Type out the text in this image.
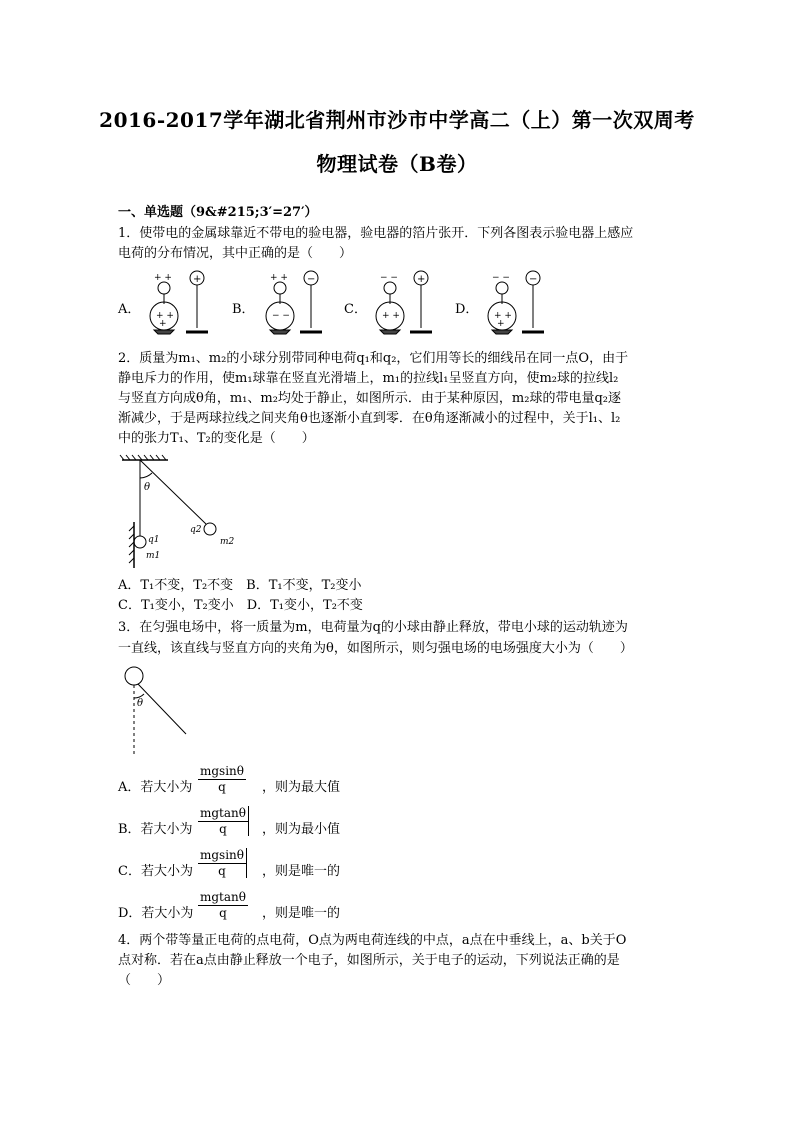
2016-2017学年湖北省荆州市沙市中学高二（上）第一次双周考
物理试卷（B卷）
一、单选题（9&#215;3′=27′）
1．使带电的金属球靠近不带电的验电器，验电器的箔片张开．下列各图表示验电器上感应
电荷的分布情况，其中正确的是（　　）
A．	B．	C．	D．
+
+ +
+ +
+
−
+ +
− −
+
− −
+ +
−
− −
+ +
+
2．质量为m₁、m₂的小球分别带同种电荷q₁和q₂，它们用等长的细线吊在同一点O，由于
静电斥力的作用，使m₁球靠在竖直光滑墙上，m₁的拉线l₁呈竖直方向，使m₂球的拉线l₂
与竖直方向成θ角，m₁、m₂均处于静止，如图所示．由于某种原因，m₂球的带电量q₂逐
渐减少，于是两球拉线之间夹角θ也逐渐小直到零．在θ角逐渐减小的过程中，关于l₁、l₂
中的张力T₁、T₂的变化是（　　）
θ
q1
m1
q2
m2
A．T₁不变，T₂不变　B．T₁不变，T₂变小
C．T₁变小，T₂变小　D．T₁变小，T₂不变
3．在匀强电场中，将一质量为m，电荷量为q的小球由静止释放，带电小球的运动轨迹为
一直线，该直线与竖直方向的夹角为θ，如图所示，则匀强电场的电场强度大小为（　　）
θ
A．若大小为 $\frac{mgsin\theta}{q}$ ，则为最大值
B．若大小为 $\frac{mgtan\theta}{q}$ ，则为最小值
C．若大小为 $\frac{mgsin\theta}{q}$ ，则是唯一的
D．若大小为 $\frac{mgtan\theta}{q}$ ，则是唯一的
4．两个带等量正电荷的点电荷，O点为两电荷连线的中点，a点在中垂线上，a、b关于O
点对称．若在a点由静止释放一个电子，如图所示，关于电子的运动，下列说法正确的是
（　　）
